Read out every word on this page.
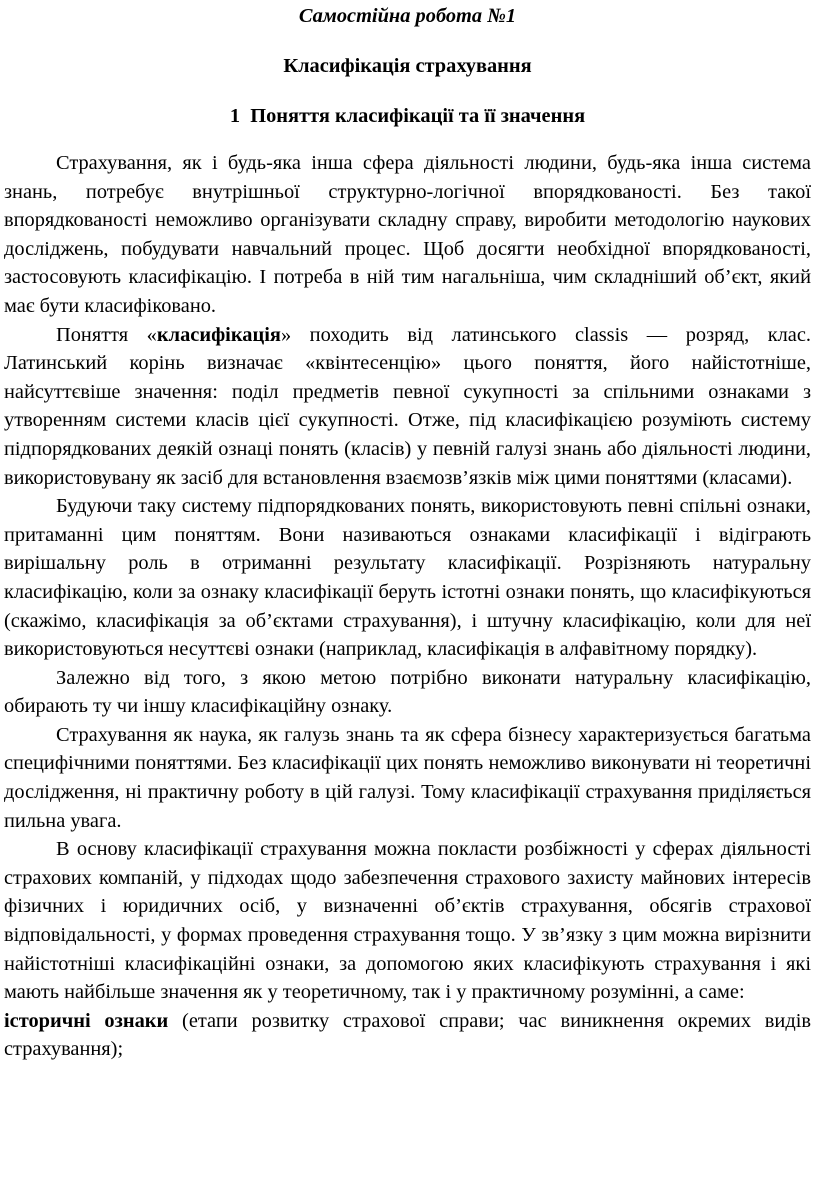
Самостійна робота №1
Класифікація страхування
1  Поняття класифікації та її значення

Страхування, як і будь-яка інша сфера діяльності людини, будь-яка інша система знань, потребує внутрішньої структурно-логічної впорядкованості. Без такої впорядкованості неможливо організувати складну справу, виробити методологію наукових досліджень, побудувати навчальний процес. Щоб досягти необхідної впорядкованості, застосовують класифікацію. І потреба в ній тим нагальніша, чим складніший об’єкт, який має бути класифіковано.

Поняття «класифікація» походить від латинського classis — розряд, клас. Латинський корінь визначає «квінтесенцію» цього поняття, його найістотніше, найсуттєвіше значення: поділ предметів певної сукупності за спільними ознаками з утворенням системи класів цієї сукупності. Отже, під класифікацією розуміють систему підпорядкованих деякій ознаці понять (класів) у певній галузі знань або діяльності людини, використовувану як засіб для встановлення взаємозв’язків між цими поняттями (класами).

Будуючи таку систему підпорядкованих понять, використовують певні спільні ознаки, притаманні цим поняттям. Вони називаються ознаками класифікації і відіграють вирішальну роль в отриманні результату класифікації. Розрізняють натуральну класифікацію, коли за ознаку класифікації беруть істотні ознаки понять, що класифікуються (скажімо, класифікація за об’єктами страхування), і штучну класифікацію, коли для неї використовуються несуттєві ознаки (наприклад, класифікація в алфавітному порядку).

Залежно від того, з якою метою потрібно виконати натуральну класифікацію, обирають ту чи іншу класифікаційну ознаку.

Страхування як наука, як галузь знань та як сфера бізнесу характеризується багатьма специфічними поняттями. Без класифікації цих понять неможливо виконувати ні теоретичні дослідження, ні практичну роботу в цій галузі. Тому класифікації страхування приділяється пильна увага.

В основу класифікації страхування можна покласти розбіжності у сферах діяльності страхових компаній, у підходах щодо забезпечення страхового захисту майнових інтересів фізичних і юридичних осіб, у визначенні об’єктів страхування, обсягів страхової відповідальності, у формах проведення страхування тощо. У зв’язку з цим можна вирізнити найістотніші класифікаційні ознаки, за допомогою яких класифікують страхування і які мають найбільше значення як у теоретичному, так і у практичному розумінні, а саме:

історичні ознаки (етапи розвитку страхової справи; час виникнення окремих видів страхування);
